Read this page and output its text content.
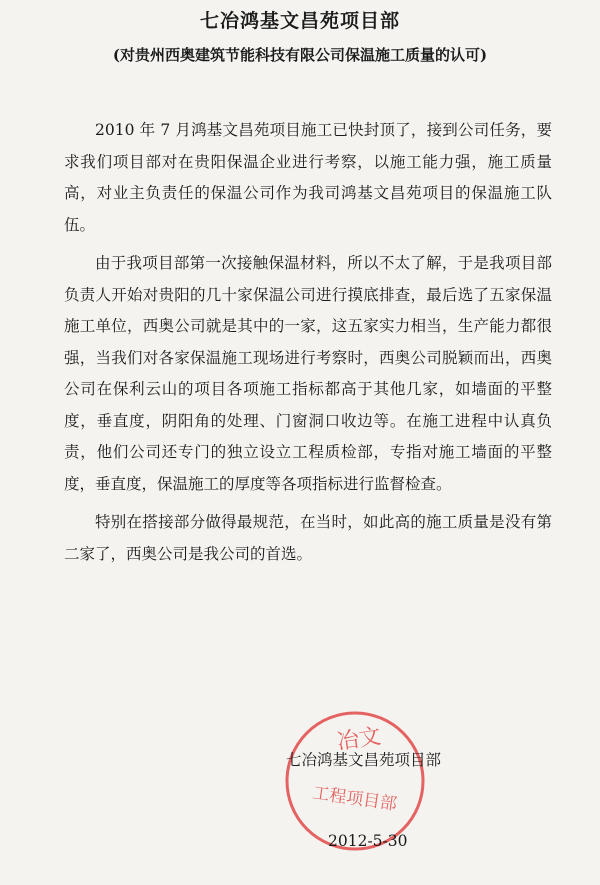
七冶鸿基文昌苑项目部
(对贵州西奥建筑节能科技有限公司保温施工质量的认可)

2010 年 7 月鸿基文昌苑项目施工已快封顶了，接到公司任务，要求我们项目部对在贵阳保温企业进行考察，以施工能力强，施工质量高，对业主负责任的保温公司作为我司鸿基文昌苑项目的保温施工队伍。

由于我项目部第一次接触保温材料，所以不太了解，于是我项目部负责人开始对贵阳的几十家保温公司进行摸底排查，最后选了五家保温施工单位，西奥公司就是其中的一家，这五家实力相当，生产能力都很强，当我们对各家保温施工现场进行考察时，西奥公司脱颖而出，西奥公司在保利云山的项目各项施工指标都高于其他几家，如墙面的平整度，垂直度，阴阳角的处理、门窗洞口收边等。在施工进程中认真负责，他们公司还专门的独立设立工程质检部，专指对施工墙面的平整度，垂直度，保温施工的厚度等各项指标进行监督检查。

特别在搭接部分做得最规范，在当时，如此高的施工质量是没有第二家了，西奥公司是我公司的首选。

冶文
工程项目部
七冶鸿基文昌苑项目部
2012-5-30
